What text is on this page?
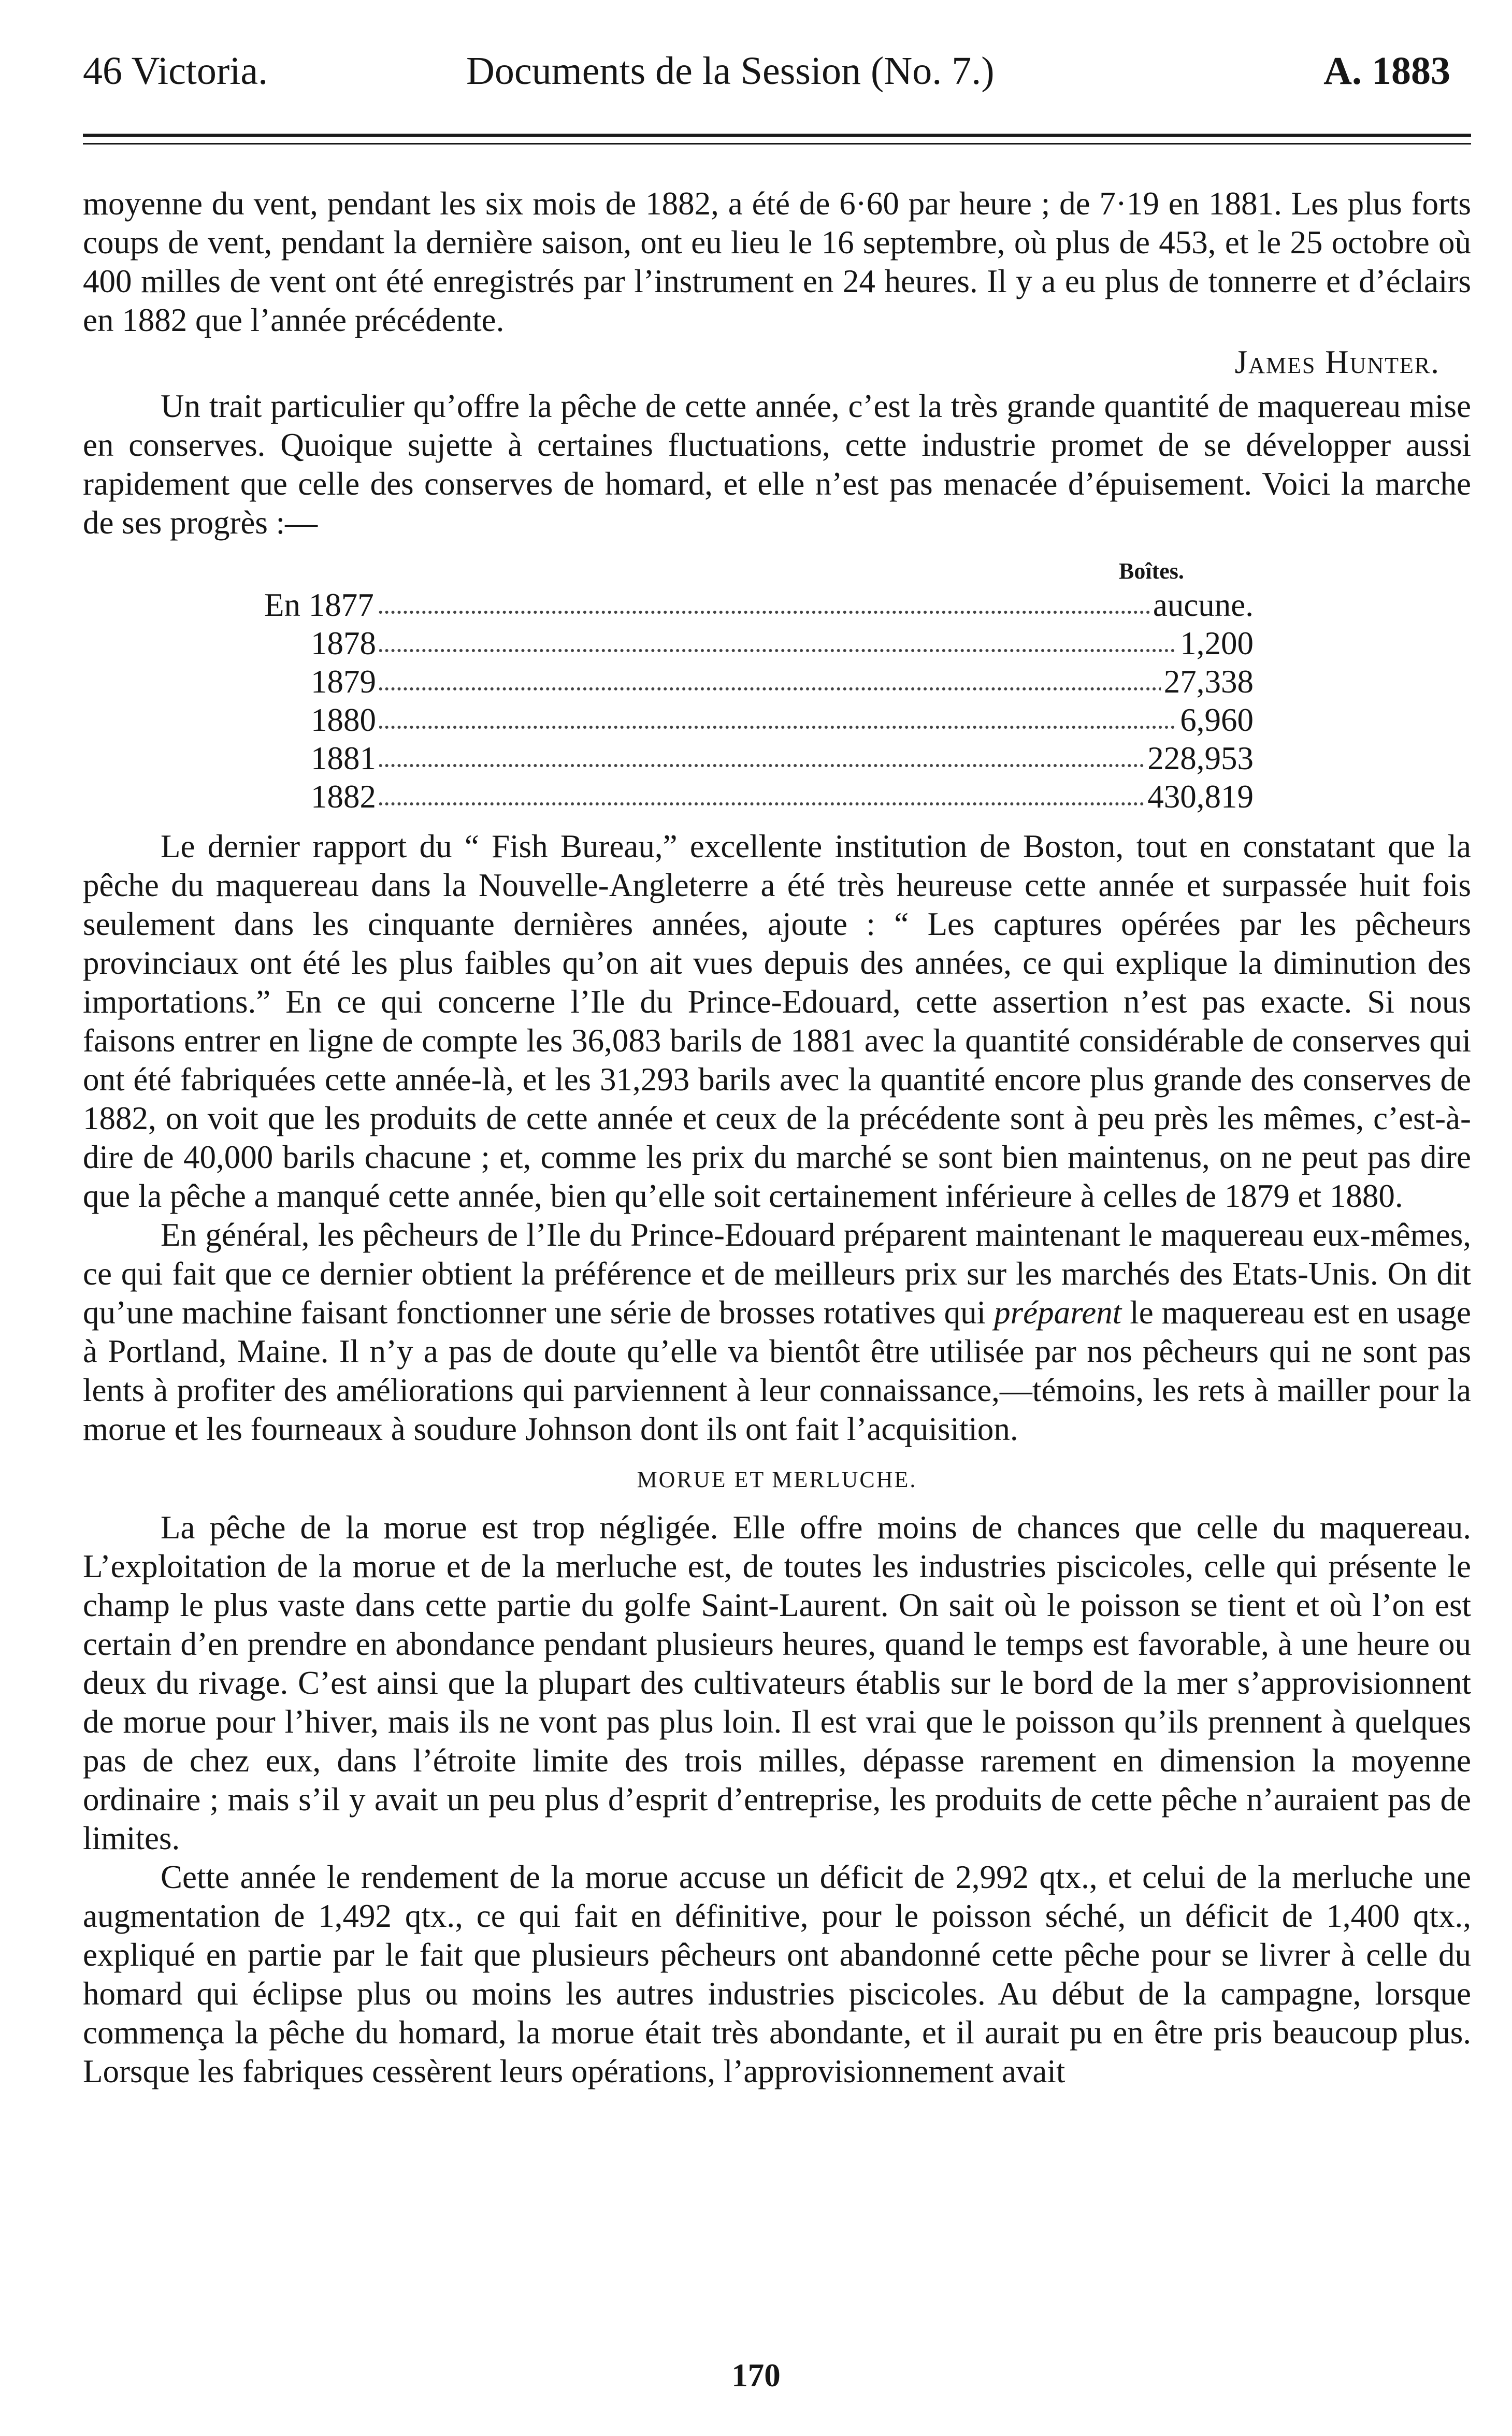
46 Victoria.	Documents de la Session (No. 7.)	A. 1883

moyenne du vent, pendant les six mois de 1882, a été de 6·60 par heure ; de 7·19 en 1881. Les plus forts coups de vent, pendant la dernière saison, ont eu lieu le 16 septembre, où plus de 453, et le 25 octobre où 400 milles de vent ont été enregistrés par l’instrument en 24 heures. Il y a eu plus de tonnerre et d’éclairs en 1882 que l’année précédente.

James Hunter.

Un trait particulier qu’offre la pêche de cette année, c’est la très grande quantité de maquereau mise en conserves. Quoique sujette à certaines fluctuations, cette industrie promet de se développer aussi rapidement que celle des conserves de homard, et elle n’est pas menacée d’épuisement. Voici la marche de ses progrès :—

Boîtes.
En 1877	aucune.
1878	1,200
1879	27,338
1880	6,960
1881	228,953
1882	430,819

Le dernier rapport du “ Fish Bureau,” excellente institution de Boston, tout en constatant que la pêche du maquereau dans la Nouvelle-Angleterre a été très heureuse cette année et surpassée huit fois seulement dans les cinquante dernières années, ajoute : “ Les captures opérées par les pêcheurs provinciaux ont été les plus faibles qu’on ait vues depuis des années, ce qui explique la diminution des importations.” En ce qui concerne l’Ile du Prince-Edouard, cette assertion n’est pas exacte. Si nous faisons entrer en ligne de compte les 36,083 barils de 1881 avec la quantité considérable de conserves qui ont été fabriquées cette année-là, et les 31,293 barils avec la quantité encore plus grande des conserves de 1882, on voit que les produits de cette année et ceux de la précédente sont à peu près les mêmes, c’est-à-dire de 40,000 barils chacune ; et, comme les prix du marché se sont bien maintenus, on ne peut pas dire que la pêche a manqué cette année, bien qu’elle soit certainement inférieure à celles de 1879 et 1880.

En général, les pêcheurs de l’Ile du Prince-Edouard préparent maintenant le maquereau eux-mêmes, ce qui fait que ce dernier obtient la préférence et de meilleurs prix sur les marchés des Etats-Unis. On dit qu’une machine faisant fonctionner une série de brosses rotatives qui préparent le maquereau est en usage à Portland, Maine. Il n’y a pas de doute qu’elle va bientôt être utilisée par nos pêcheurs qui ne sont pas lents à profiter des améliorations qui parviennent à leur connaissance,—témoins, les rets à mailler pour la morue et les fourneaux à soudure Johnson dont ils ont fait l’acquisition.

MORUE ET MERLUCHE.

La pêche de la morue est trop négligée. Elle offre moins de chances que celle du maquereau. L’exploitation de la morue et de la merluche est, de toutes les industries piscicoles, celle qui présente le champ le plus vaste dans cette partie du golfe Saint-Laurent. On sait où le poisson se tient et où l’on est certain d’en prendre en abondance pendant plusieurs heures, quand le temps est favorable, à une heure ou deux du rivage. C’est ainsi que la plupart des cultivateurs établis sur le bord de la mer s’approvisionnent de morue pour l’hiver, mais ils ne vont pas plus loin. Il est vrai que le poisson qu’ils prennent à quelques pas de chez eux, dans l’étroite limite des trois milles, dépasse rarement en dimension la moyenne ordinaire ; mais s’il y avait un peu plus d’esprit d’entreprise, les produits de cette pêche n’auraient pas de limites.

Cette année le rendement de la morue accuse un déficit de 2,992 qtx., et celui de la merluche une augmentation de 1,492 qtx., ce qui fait en définitive, pour le poisson séché, un déficit de 1,400 qtx., expliqué en partie par le fait que plusieurs pêcheurs ont abandonné cette pêche pour se livrer à celle du homard qui éclipse plus ou moins les autres industries piscicoles. Au début de la campagne, lorsque commença la pêche du homard, la morue était très abondante, et il aurait pu en être pris beaucoup plus. Lorsque les fabriques cessèrent leurs opérations, l’approvisionnement avait

170
